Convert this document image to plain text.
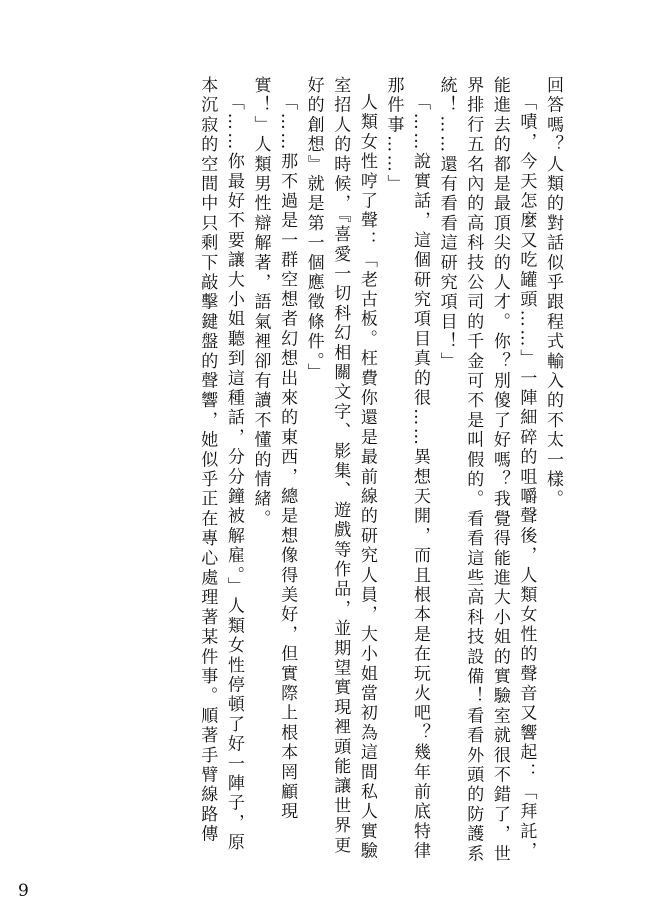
回答嗎？人類的對話似乎跟程式輸入的不太一樣。

「嘖，今天怎麼又吃罐頭……」一陣細碎的咀嚼聲後，人類女性的聲音又響起：「拜託，能進去的都是最頂尖的人才。你？別傻了好嗎？我覺得能進大小姐的實驗室就很不錯了，世界排行五名內的高科技公司的千金可不是叫假的。看看這些高科技設備！看看外頭的防護系統！……還有看看這研究項目！」

「……說實話，這個研究項目真的很……異想天開，而且根本是在玩火吧？幾年前底特律那件事……」

人類女性哼了聲：「老古板。枉費你還是最前線的研究人員，大小姐當初為這間私人實驗室招人的時候，『喜愛一切科幻相關文字、影集、遊戲等作品，並期望實現裡頭能讓世界更好的創想』就是第一個應徵條件。」

「……那不過是一群空想者幻想出來的東西，總是想像得美好，但實際上根本罔顧現實！」人類男性辯解著，語氣裡卻有讀不懂的情緒。

「……你最好不要讓大小姐聽到這種話，分分鐘被解雇。」人類女性停頓了好一陣子，原本沉寂的空間中只剩下敲擊鍵盤的聲響，她似乎正在專心處理著某件事。順著手臂線路傳

9
